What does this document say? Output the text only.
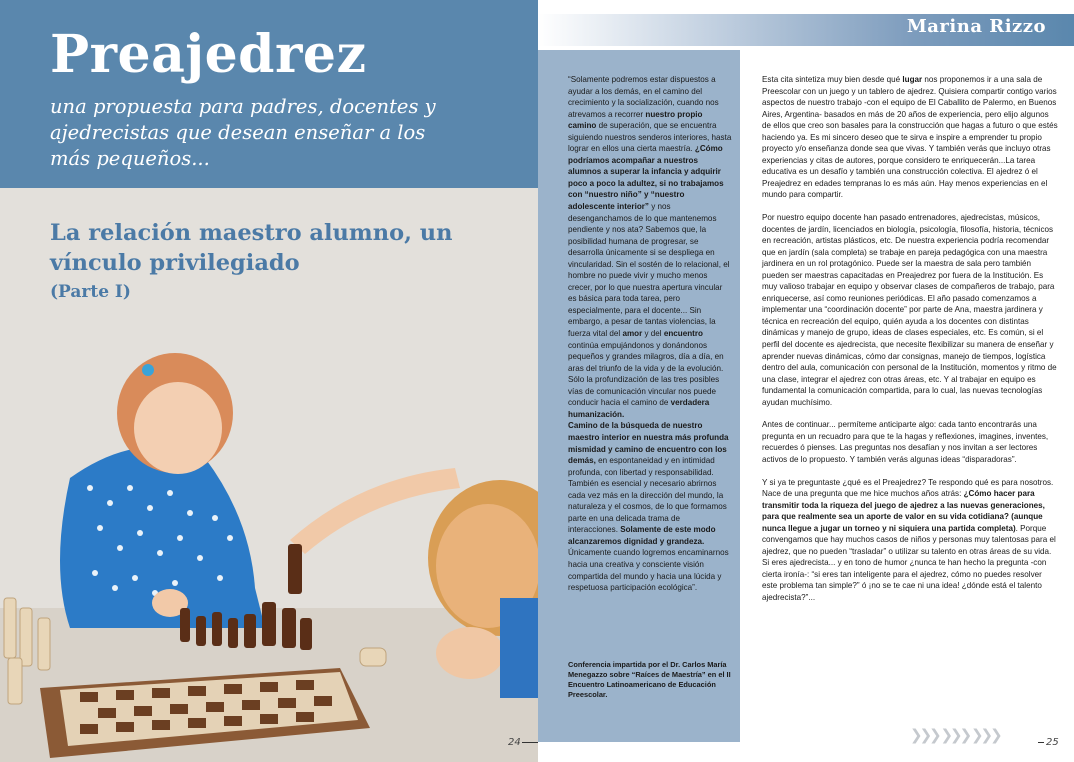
Preajedrez
una propuesta para padres, docentes y ajedrecistas que desean enseñar a los más pequeños...
La relación maestro alumno, un vínculo privilegiado
(Parte I)
24
Marina Rizzo
“Solamente podremos estar dispuestos a ayudar a los demás, en el camino del crecimiento y la socialización, cuando nos atrevamos a recorrer nuestro propio camino de superación, que se encuentra siguiendo nuestros senderos interiores, hasta lograr en ellos una cierta maestría. ¿Cómo podríamos acompañar a nuestros alumnos a superar la infancia y adquirir poco a poco la adultez, si no trabajamos con “nuestro niño” y “nuestro adolescente interior” y nos desenganchamos de lo que mantenemos pendiente y nos ata? Sabemos que, la posibilidad humana de progresar, se desarrolla únicamente si se despliega en vincularidad. Sin el sostén de lo relacional, el hombre no puede vivir y mucho menos crecer, por lo que nuestra apertura vincular es básica para toda tarea, pero especialmente, para el docente... Sin embargo, a pesar de tantas violencias, la fuerza vital del amor y del encuentro continúa empujándonos y donándonos pequeños y grandes milagros, día a día, en aras del triunfo de la vida y de la evolución. Sólo la profundización de las tres posibles vías de comunicación vincular nos puede conducir hacia el camino de verdadera humanización.
Camino de la búsqueda de nuestro maestro interior en nuestra más profunda mismidad y camino de encuentro con los demás, en espontaneidad y en intimidad profunda, con libertad y responsabilidad. También es esencial y necesario abrirnos cada vez más en la dirección del mundo, la naturaleza y el cosmos, de lo que formamos parte en una delicada trama de interacciones. Solamente de este modo alcanzaremos dignidad y grandeza. Únicamente cuando logremos encaminarnos hacia una creativa y consciente visión compartida del mundo y hacia una lúcida y respetuosa participación ecológica”.
Conferencia impartida por el Dr. Carlos María Menegazzo sobre “Raíces de Maestría” en el II Encuentro Latinoamericano de Educación Preescolar.

Esta cita sintetiza muy bien desde qué lugar nos proponemos ir a una sala de Preescolar con un juego y un tablero de ajedrez. Quisiera compartir contigo varios aspectos de nuestro trabajo -con el equipo de El Caballito de Palermo, en Buenos Aires, Argentina- basados en más de 20 años de experiencia, pero elijo algunos de ellos que creo son basales para la construcción que hagas a futuro o que estés haciendo ya. Es mi sincero deseo que te sirva e inspire a emprender tu propio proyecto y/o enseñanza donde sea que vivas. Y también verás que incluyo otras experiencias y citas de autores, porque considero te enriquecerán...La tarea educativa es un desafío y también una construcción colectiva. El ajedrez ó el Preajedrez en edades tempranas lo es más aún. Hay menos experiencias en el mundo para compartir.

Por nuestro equipo docente han pasado entrenadores, ajedrecistas, músicos, docentes de jardín, licenciados en biología, psicología, filosofía, historia, técnicos en recreación, artistas plásticos, etc. De nuestra experiencia podría recomendar que en jardín (sala completa) se trabaje en pareja pedagógica con una maestra jardinera en un rol protagónico. Puede ser la maestra de sala pero también pueden ser maestras capacitadas en Preajedrez por fuera de la Institución. Es muy valioso trabajar en equipo y observar clases de compañeros de trabajo, para enriquecerse, así como reuniones periódicas. El año pasado comenzamos a implementar una “coordinación docente” por parte de Ana, maestra jardinera y técnica en recreación del equipo, quién ayuda a los docentes con distintas dinámicas y manejo de grupo, ideas de clases especiales, etc. Es común, si el perfil del docente es ajedrecista, que necesite flexibilizar su manera de enseñar y aprender nuevas dinámicas, cómo dar consignas, manejo de tiempos, logística dentro del aula, comunicación con personal de la Institución, momentos y ritmo de una clase, integrar el ajedrez con otras áreas, etc. Y al trabajar en equipo es fundamental la comunicación compartida, para lo cual, las nuevas tecnologías ayudan muchísimo.

Antes de continuar... permíteme anticiparte algo: cada tanto encontrarás una pregunta en un recuadro para que te la hagas y reflexiones, imagines, inventes, recuerdes ó pienses. Las preguntas nos desafían y nos invitan a ser lectores activos de lo propuesto. Y también verás algunas ideas “disparadoras”.

Y si ya te preguntaste ¿qué es el Preajedrez? Te respondo qué es para nosotros. Nace de una pregunta que me hice muchos años atrás: ¿Cómo hacer para transmitir toda la riqueza del juego de ajedrez a las nuevas generaciones, para que realmente sea un aporte de valor en su vida cotidiana? (aunque nunca llegue a jugar un torneo y ni siquiera una partida completa). Porque convengamos que hay muchos casos de niños y personas muy talentosas para el ajedrez, que no pueden “trasladar” o utilizar su talento en otras áreas de su vida. Si eres ajedrecista... y en tono de humor ¿nunca te han hecho la pregunta -con cierta ironía-: “si eres tan inteligente para el ajedrez, cómo no puedes resolver este problema tan simple?” ó ¡no se te cae ni una idea! ¿dónde está el talento ajedrecista?”...

❯❯❯ ❯❯❯ ❯❯❯	25
